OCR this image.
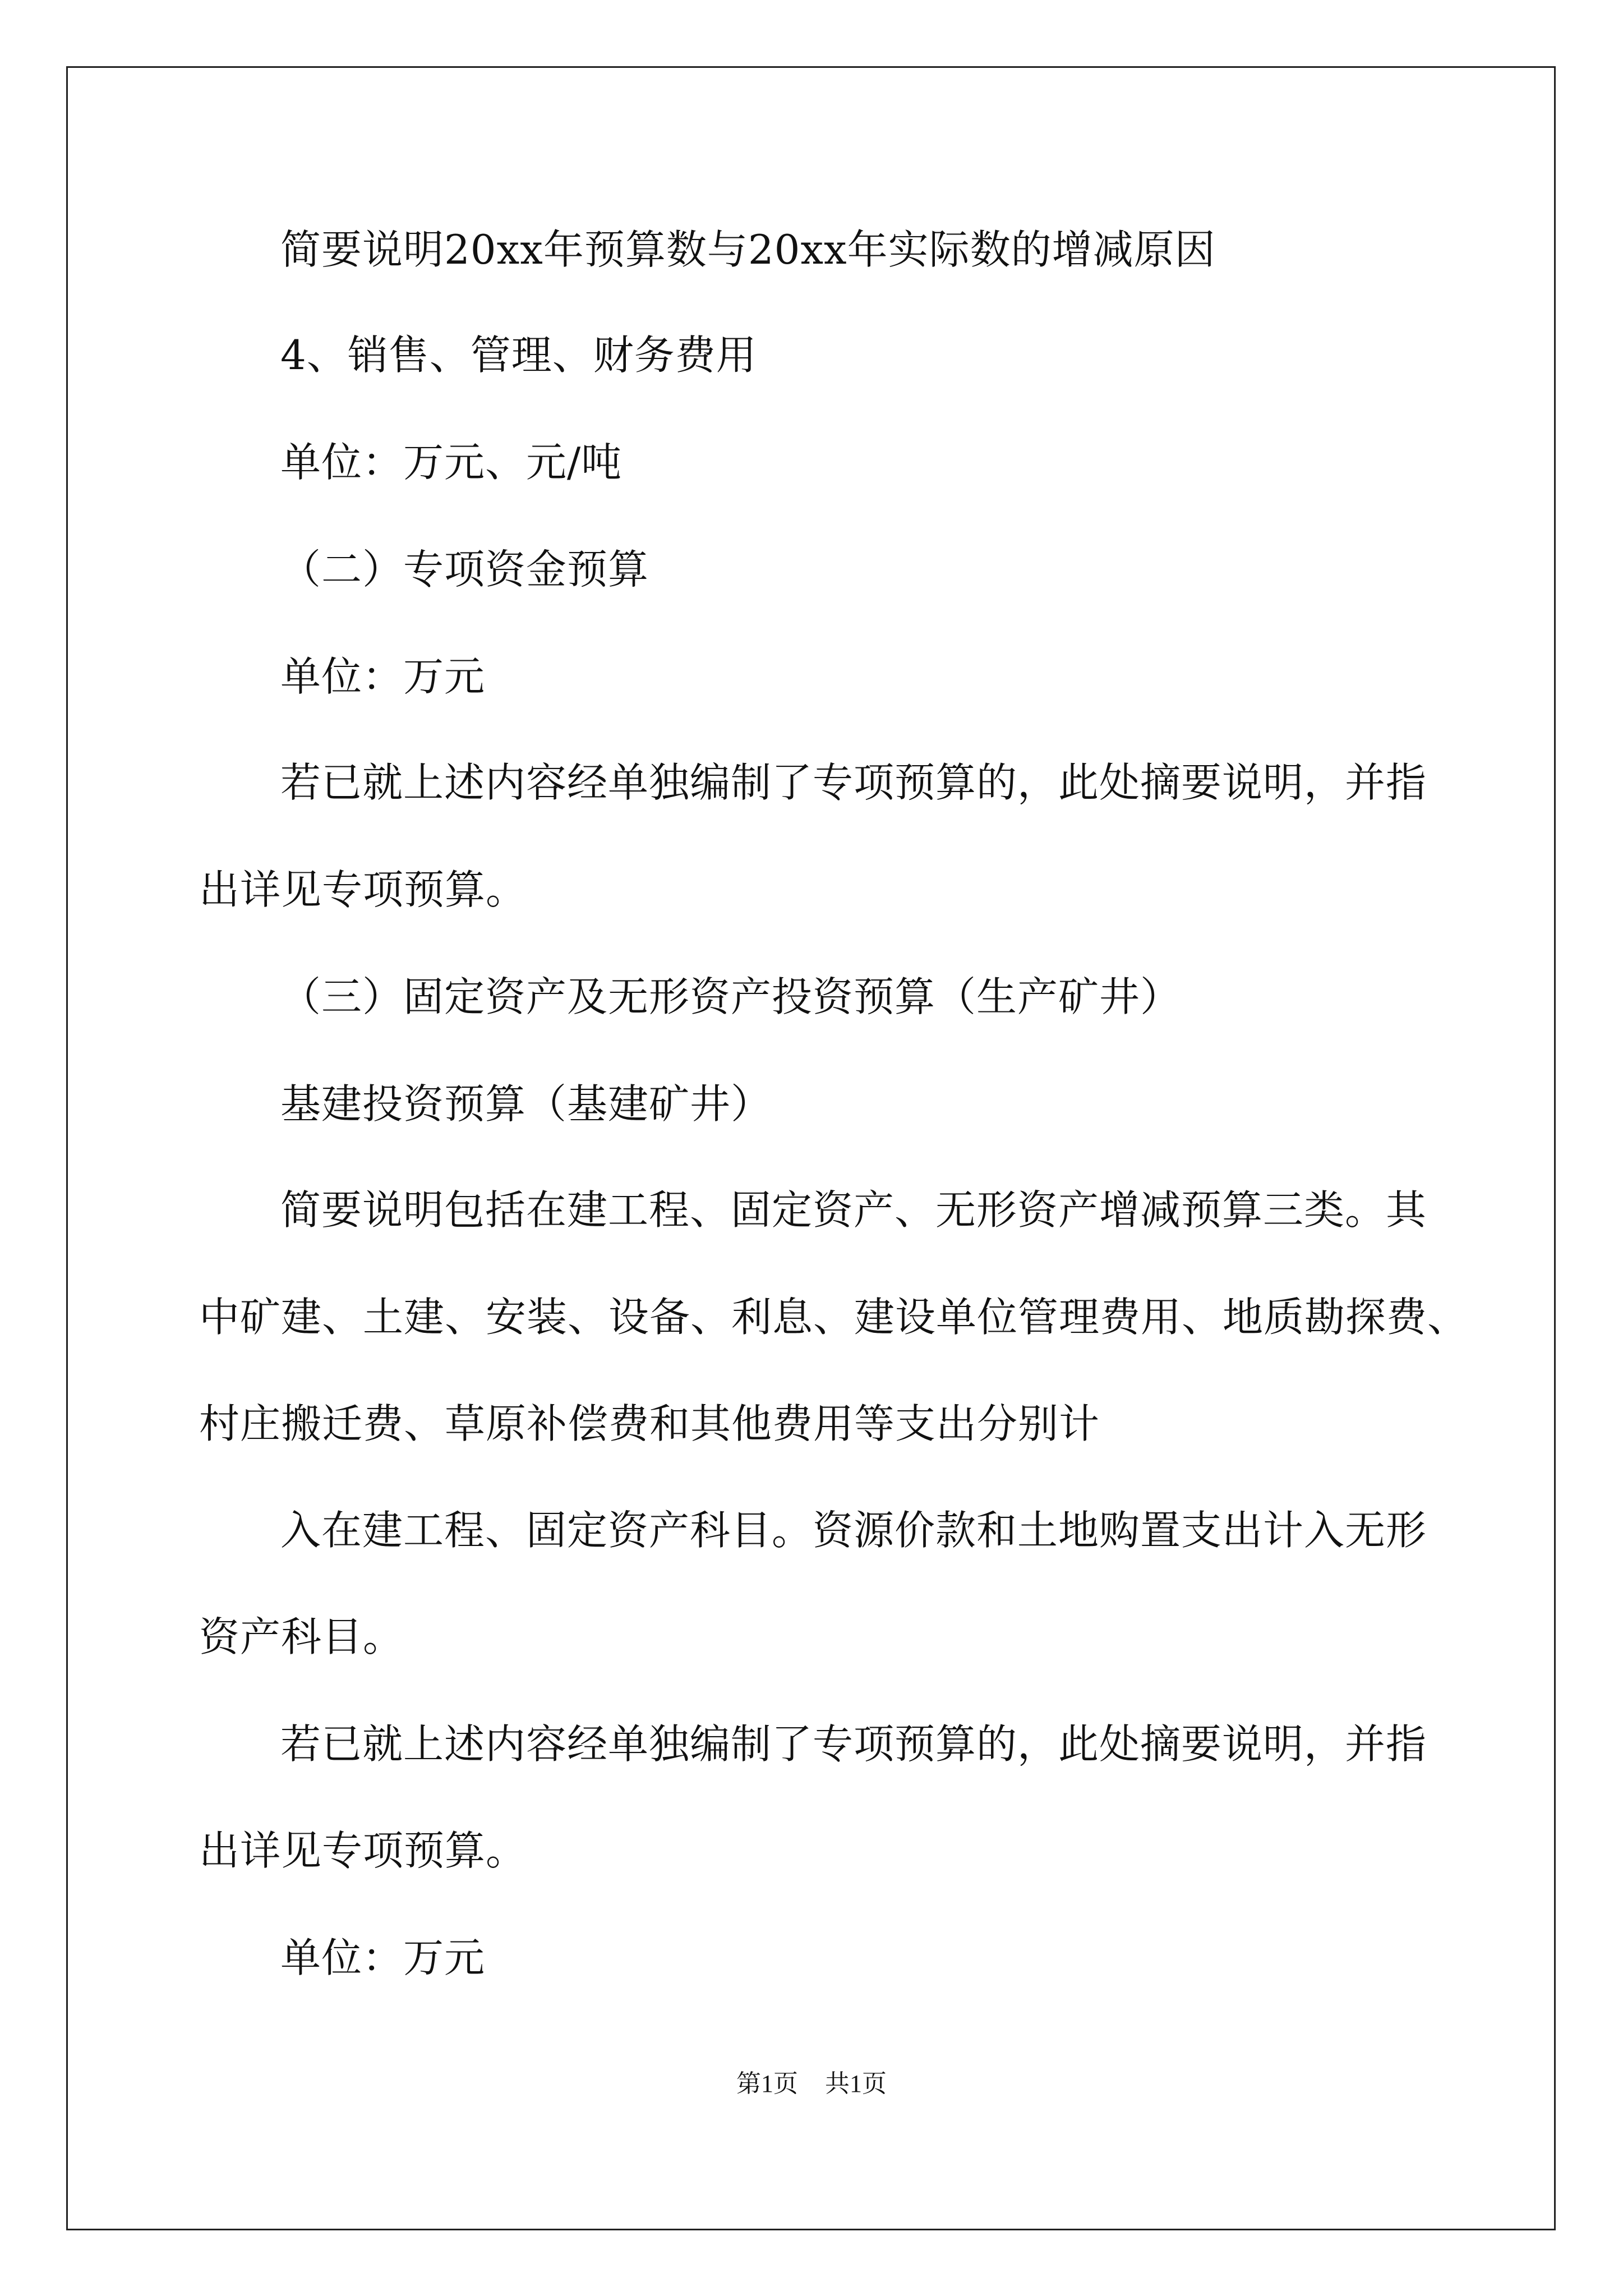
简要说明20xx年预算数与20xx年实际数的增减原因
4、销售、管理、财务费用
单位：万元、元/吨
（二）专项资金预算
单位：万元
若已就上述内容经单独编制了专项预算的，此处摘要说明，并指
出详见专项预算。
（三）固定资产及无形资产投资预算（生产矿井）
基建投资预算（基建矿井）
简要说明包括在建工程、固定资产、无形资产增减预算三类。其
中矿建、土建、安装、设备、利息、建设单位管理费用、地质勘探费、
村庄搬迁费、草原补偿费和其他费用等支出分别计
入在建工程、固定资产科目。资源价款和土地购置支出计入无形
资产科目。
若已就上述内容经单独编制了专项预算的，此处摘要说明，并指
出详见专项预算。
单位：万元
第1页 共1页
